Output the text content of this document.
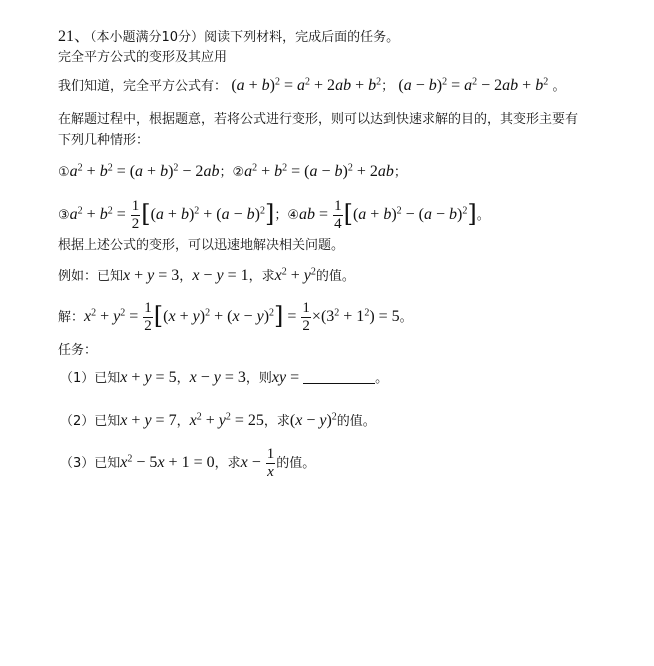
21、（本小题满分10分）阅读下列材料，完成后面的任务。
完全平方公式的变形及其应用
我们知道，完全平方公式有： $(a + b)^2 = a^2 + 2ab + b^2$； $(a - b)^2 = a^2 - 2ab + b^2$ 。
在解题过程中，根据题意，若将公式进行变形，则可以达到快速求解的目的，其变形主要有
下列几种情形：
$①a^2 + b^2 = (a + b)^2 - 2ab$；$②a^2 + b^2 = (a - b)^2 + 2ab$；
$③a^2 + b^2 = \frac{1}{2} [(a + b)^2 + (a - b)^2]$；④ab = $\frac{1}{4} [(a + b)^2 - (a - b)^2]$。
根据上述公式的变形，可以迅速地解决相关问题。
例如：已知x + y = 3，x − y = 1，求$x^2 + y^2$的值。
解：$x^2 + y^2 = \frac{1}{2} [(x + y)^2 + (x - y)^2] = \frac{1}{2} \times(3^2 + 1^2) = 5$。
任务：
（1）已知x + y = 5，x − y = 3，则xy =	。
（2）已知x + y = 7，$x^2 + y^2 = 25$，求$(x - y)^2$的值。
（3）已知$x^2 - 5x + 1 = 0$，求$x - \frac{1}{x}$ 的值。
